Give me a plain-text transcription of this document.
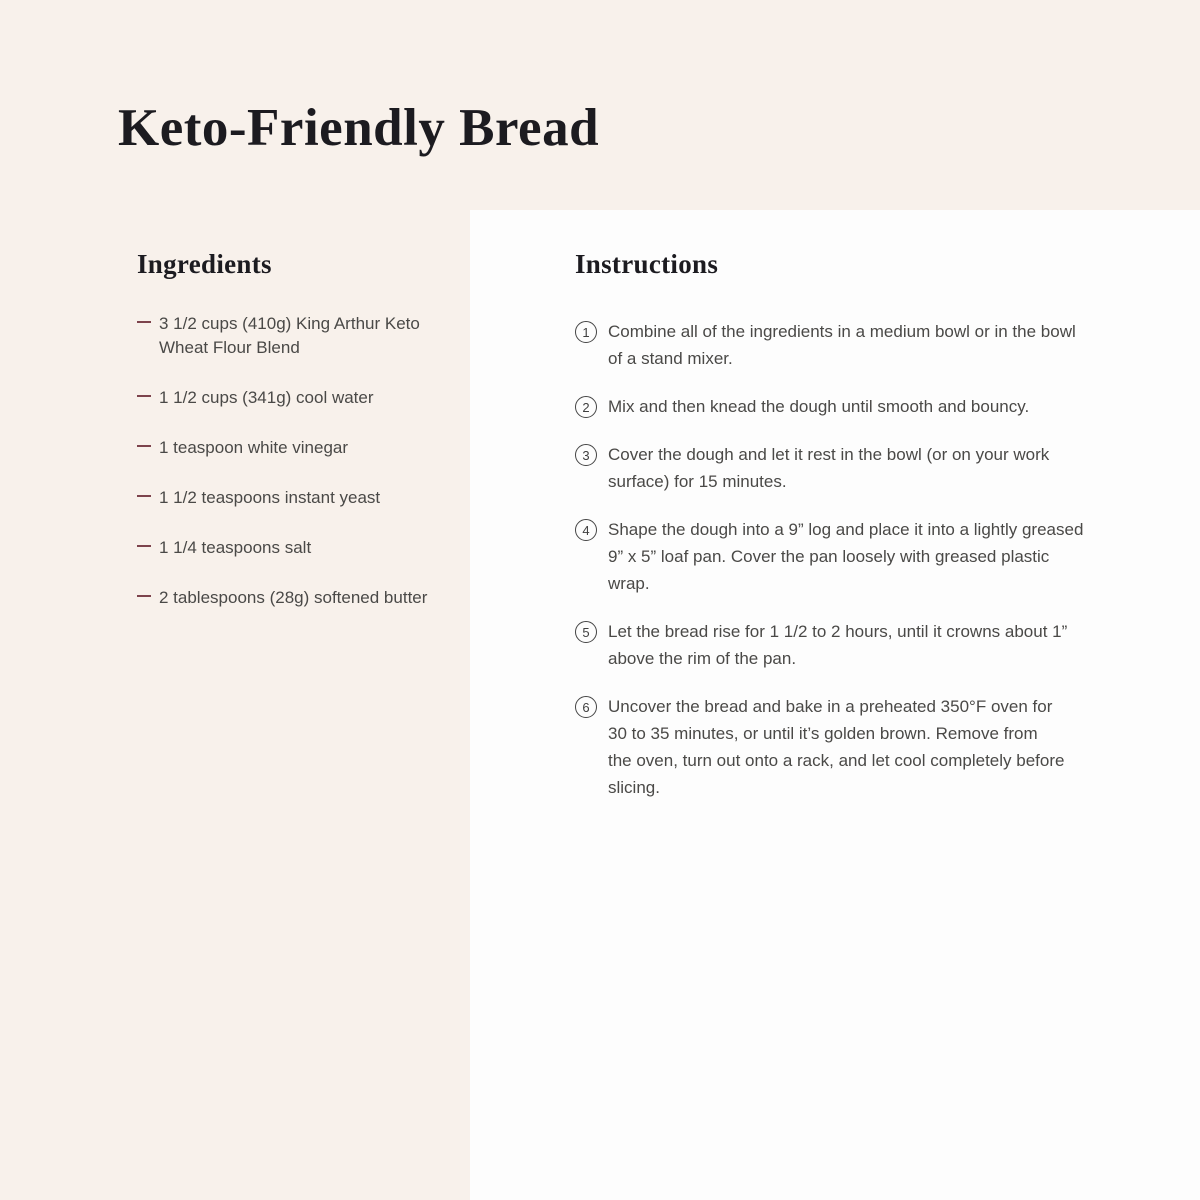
Keto-Friendly Bread
Ingredients
3 1/2 cups (410g) King Arthur Keto
Wheat Flour Blend
1 1/2 cups (341g) cool water
1 teaspoon white vinegar
1 1/2 teaspoons instant yeast
1 1/4 teaspoons salt
2 tablespoons (28g) softened butter
Instructions
1	Combine all of the ingredients in a medium bowl or in the bowl
of a stand mixer.
2	Mix and then knead the dough until smooth and bouncy.
3	Cover the dough and let it rest in the bowl (or on your work
surface) for 15 minutes.
4	Shape the dough into a 9” log and place it into a lightly greased
9” x 5” loaf pan. Cover the pan loosely with greased plastic
wrap.
5	Let the bread rise for 1 1/2 to 2 hours, until it crowns about 1”
above the rim of the pan.
6	Uncover the bread and bake in a preheated 350°F oven for
30 to 35 minutes, or until it’s golden brown. Remove from
the oven, turn out onto a rack, and let cool completely before
slicing.
